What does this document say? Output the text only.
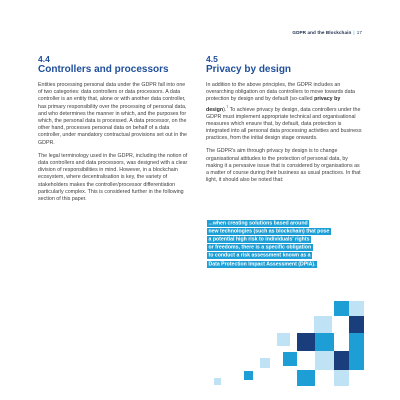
GDPR and the Blockchain | 17
4.4
Controllers and processors

Entities processing personal data under the GDPR fall into one of two categories: data controllers or data processors. A data controller is an entity that, alone or with another data controller, has primary responsibility over the processing of personal data, and who determines the manner in which, and the purposes for which, the personal data is processed. A data processor, on the other hand, processes personal data on behalf of a data controller, under mandatory contractual provisions set out in the GDPR.

The legal terminology used in the GDPR, including the notion of data controllers and data processors, was designed with a clear division of responsibilities in mind. However, in a blockchain ecosystem, where decentralisation is key, the variety of stakeholders makes the controller/processor differentiation particularly complex. This is considered further in the following section of this paper.

4.5
Privacy by design

In addition to the above principles, the GDPR includes an overarching obligation on data controllers to move towards data protection by design and by default (so-called privacy by design).$^7$ To achieve privacy by design, data controllers under the GDPR must implement appropriate technical and organisational measures which ensure that, by default, data protection is integrated into all personal data processing activities and business practices, from the initial design stage onwards.

The GDPR's aim through privacy by design is to change organisational attitudes to the protection of personal data, by making it a pervasive issue that is considered by organisations as a matter of course during their business as usual practices. In that light, it should also be noted that:

...when creating solutions based around
new technologies (such as blockchain) that pose
a potential high risk to individuals' rights
or freedoms, there is a specific obligation
to conduct a risk assessment known as a
Data Protection Impact Assessment (DPIA).
